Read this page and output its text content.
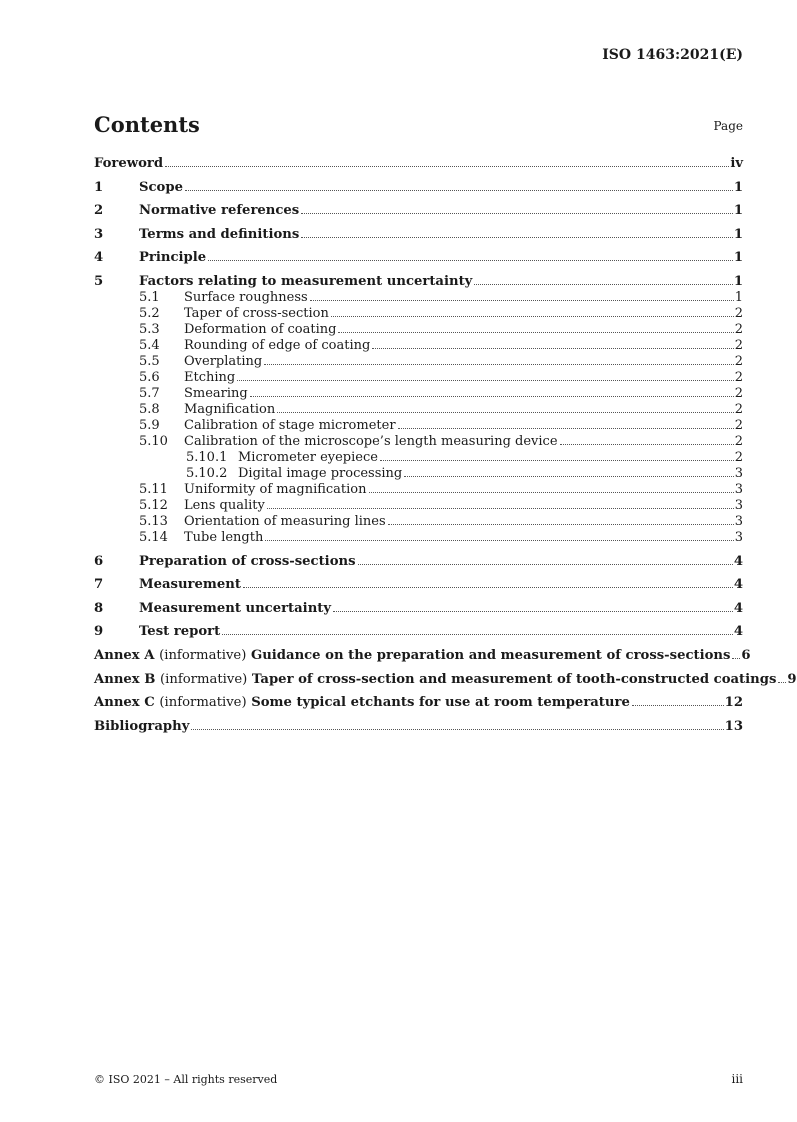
ISO 1463:2021(E)
Contents	Page
Foreword	iv
1	Scope	1
2	Normative references	1
3	Terms and definitions	1
4	Principle	1
5	Factors relating to measurement uncertainty	1
5.1	Surface roughness	1
5.2	Taper of cross-section	2
5.3	Deformation of coating	2
5.4	Rounding of edge of coating	2
5.5	Overplating	2
5.6	Etching	2
5.7	Smearing	2
5.8	Magnification	2
5.9	Calibration of stage micrometer	2
5.10	Calibration of the microscope’s length measuring device	2
5.10.1 Micrometer eyepiece	2
5.10.2 Digital image processing	3
5.11	Uniformity of magnification	3
5.12	Lens quality	3
5.13	Orientation of measuring lines	3
5.14	Tube length	3
6	Preparation of cross-sections	4
7	Measurement	4
8	Measurement uncertainty	4
9	Test report	4
Annex A (informative) Guidance on the preparation and measurement of cross-sections 6
Annex B (informative) Taper of cross-section and measurement of tooth-constructed coatings 9
Annex C (informative) Some typical etchants for use at room temperature	12
Bibliography	13
© ISO 2021 – All rights reserved	iii
